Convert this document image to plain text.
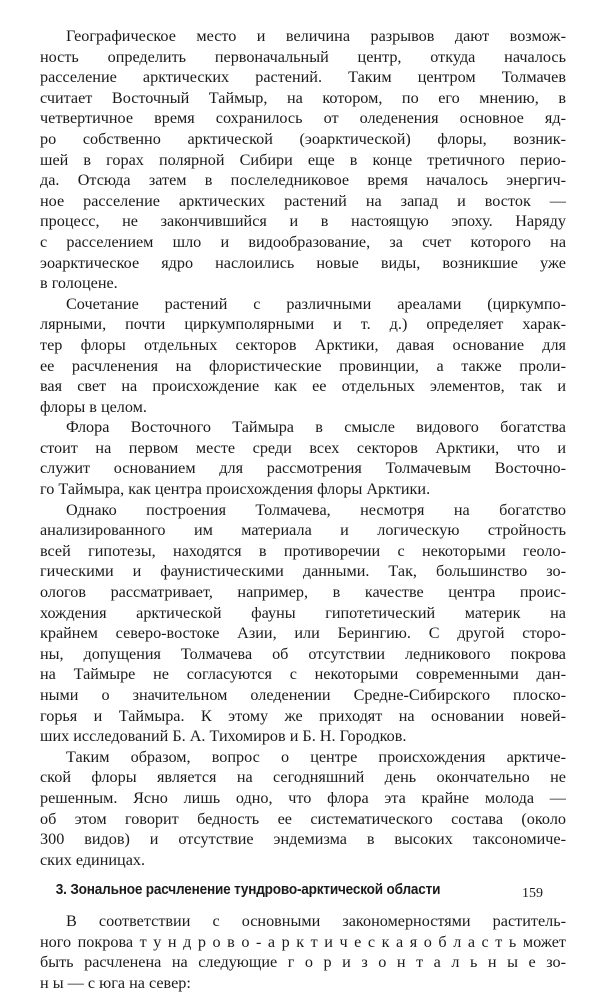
Географическое место и величина разрывов дают возмож-
ность определить первоначальный центр, откуда началось
расселение арктических растений. Таким центром Толмачев
считает Восточный Таймыр, на котором, по его мнению, в
четвертичное время сохранилось от оледенения основное яд-
ро собственно арктической (эоарктической) флоры, возник-
шей в горах полярной Сибири еще в конце третичного перио-
да. Отсюда затем в послеледниковое время началось энергич-
ное расселение арктических растений на запад и восток —
процесс, не закончившийся и в настоящую эпоху. Наряду
с расселением шло и видообразование, за счет которого на
эоарктическое ядро наслоились новые виды, возникшие уже
в голоцене.
Сочетание растений с различными ареалами (циркумпо-
лярными, почти циркумполярными и т. д.) определяет харак-
тер флоры отдельных секторов Арктики, давая основание для
ее расчленения на флористические провинции, а также проли-
вая свет на происхождение как ее отдельных элементов, так и
флоры в целом.
Флора Восточного Таймыра в смысле видового богатства
стоит на первом месте среди всех секторов Арктики, что и
служит основанием для рассмотрения Толмачевым Восточно-
го Таймыра, как центра происхождения флоры Арктики.
Однако построения Толмачева, несмотря на богатство
анализированного им материала и логическую стройность
всей гипотезы, находятся в противоречии с некоторыми геоло-
гическими и фаунистическими данными. Так, большинство зо-
ологов рассматривает, например, в качестве центра проис-
хождения арктической фауны гипотетический материк на
крайнем северо-востоке Азии, или Берингию. С другой сторо-
ны, допущения Толмачева об отсутствии ледникового покрова
на Таймыре не согласуются с некоторыми современными дан-
ными о значительном оледенении Средне-Сибирского плоско-
горья и Таймыра. К этому же приходят на основании новей-
ших исследований Б. А. Тихомиров и Б. Н. Городков.
Таким образом, вопрос о центре происхождения арктиче-
ской флоры является на сегодняшний день окончательно не
решенным. Ясно лишь одно, что флора эта крайне молода —
об этом говорит бедность ее систематического состава (около
300 видов) и отсутствие эндемизма в высоких таксономиче-
ских единицах.
3. Зональное расчленение тундрово-арктической области
В соответствии с основными закономерностями раститель-
ного покрова т у н д р о в о - а р к т и ч е с к а я о б л а с т ь может
быть расчленена на следующие г о р и з о н т а л ь н ы е зо-
н ы — с юга на север:
159
